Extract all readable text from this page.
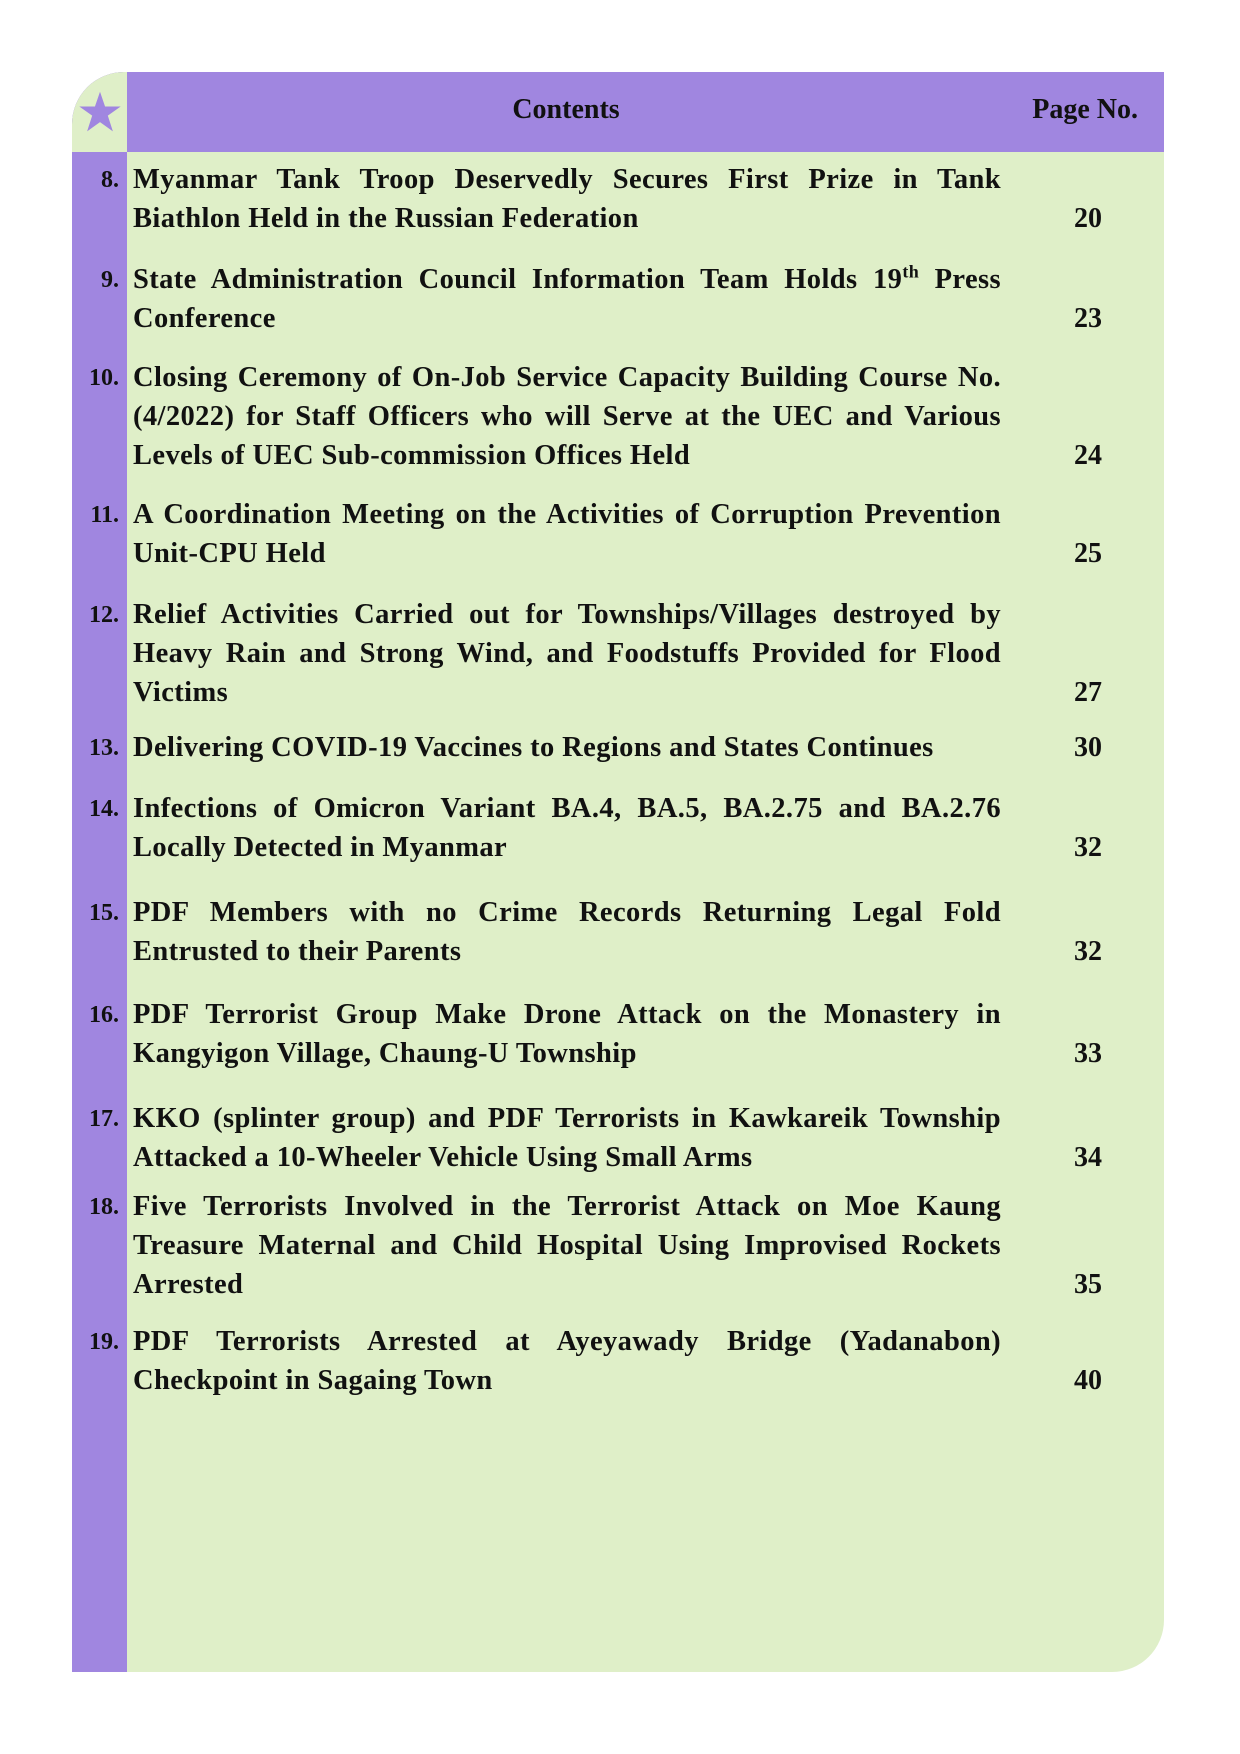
Contents	Page No.
8. Myanmar Tank Troop Deservedly Secures First Prize in Tank Biathlon Held in the Russian Federation	20
9. State Administration Council Information Team Holds 19th Press Conference	23
10. Closing Ceremony of On-Job Service Capacity Building Course No. (4/2022) for Staff Officers who will Serve at the UEC and Various Levels of UEC Sub-commission Offices Held	24
11. A Coordination Meeting on the Activities of Corruption Prevention Unit-CPU Held	25
12. Relief Activities Carried out for Townships/Villages destroyed by Heavy Rain and Strong Wind, and Foodstuffs Provided for Flood Victims	27
13. Delivering COVID-19 Vaccines to Regions and States Continues	30
14. Infections of Omicron Variant BA.4, BA.5, BA.2.75 and BA.2.76 Locally Detected in Myanmar	32
15. PDF Members with no Crime Records Returning Legal Fold Entrusted to their Parents	32
16. PDF Terrorist Group Make Drone Attack on the Monastery in Kangyigon Village, Chaung-U Township	33
17. KKO (splinter group) and PDF Terrorists in Kawkareik Township Attacked a 10-Wheeler Vehicle Using Small Arms	34
18. Five Terrorists Involved in the Terrorist Attack on Moe Kaung Treasure Maternal and Child Hospital Using Improvised Rockets Arrested	35
19. PDF Terrorists Arrested at Ayeyawady Bridge (Yadanabon) Checkpoint in Sagaing Town	40
